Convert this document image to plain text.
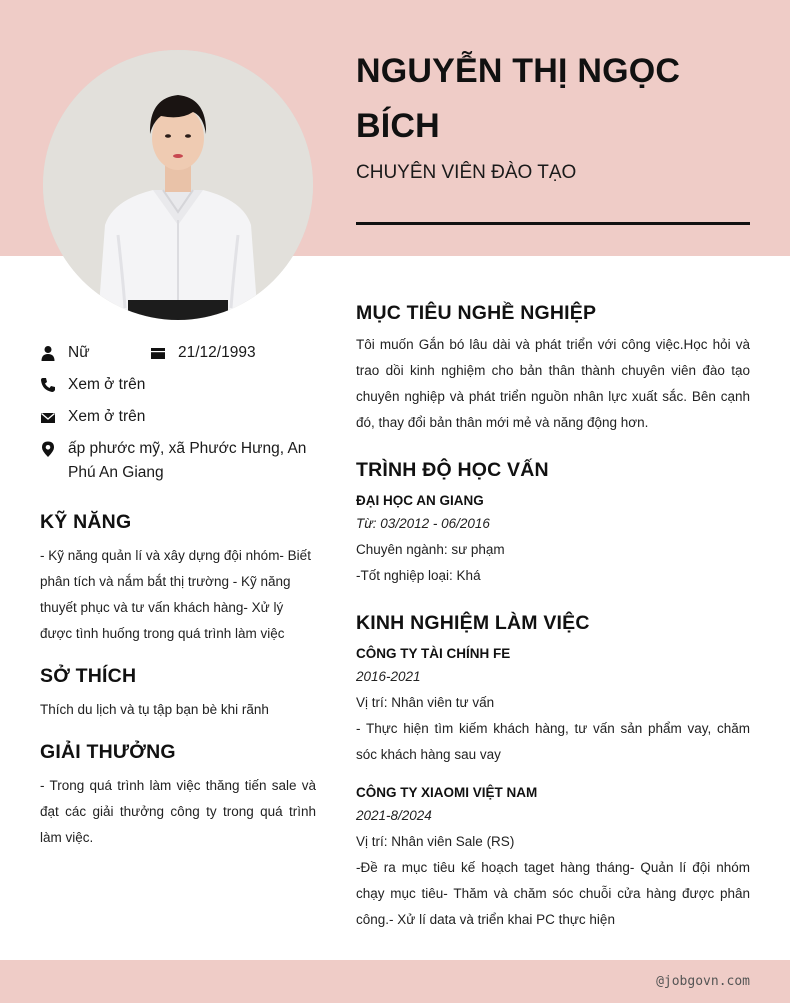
NGUYỄN THỊ NGỌC BÍCH
CHUYÊN VIÊN ĐÀO TẠO
Nữ	21/12/1993
Xem ở trên
Xem ở trên
ấp phước mỹ, xã Phước Hưng, An Phú An Giang
KỸ NĂNG
- Kỹ năng quản lí và xây dựng đội nhóm- Biết phân tích và nắm bắt thị trường - Kỹ năng thuyết phục và tư vấn khách hàng- Xử lý được tình huống trong quá trình làm việc
SỞ THÍCH
Thích du lịch và tụ tập bạn bè khi rãnh
GIẢI THƯỞNG
- Trong quá trình làm việc thăng tiến sale và đạt các giải thưởng công ty trong quá trình làm việc.
MỤC TIÊU NGHỀ NGHIỆP
Tôi muốn Gắn bó lâu dài và phát triển với công việc.Học hỏi và trao dồi kinh nghiệm cho bản thân thành chuyên viên đào tạo chuyên nghiệp và phát triển nguồn nhân lực xuất sắc. Bên cạnh đó, thay đổi bản thân mới mẻ và năng động hơn.
TRÌNH ĐỘ HỌC VẤN
ĐẠI HỌC AN GIANG
Từ: 03/2012 - 06/2016
Chuyên ngành: sư phạm
-Tốt nghiệp loại: Khá
KINH NGHIỆM LÀM VIỆC
CÔNG TY TÀI CHÍNH FE
2016-2021
Vị trí: Nhân viên tư vấn
- Thực hiện tìm kiếm khách hàng, tư vấn sản phẩm vay, chăm sóc khách hàng sau vay
CÔNG TY XIAOMI VIỆT NAM
2021-8/2024
Vị trí: Nhân viên Sale (RS)
-Đề ra mục tiêu kế hoạch taget hàng tháng- Quản lí đội nhóm chạy mục tiêu- Thăm và chăm sóc chuỗi cửa hàng được phân công.- Xử lí data và triển khai PC thực hiện
@jobgovn.com
